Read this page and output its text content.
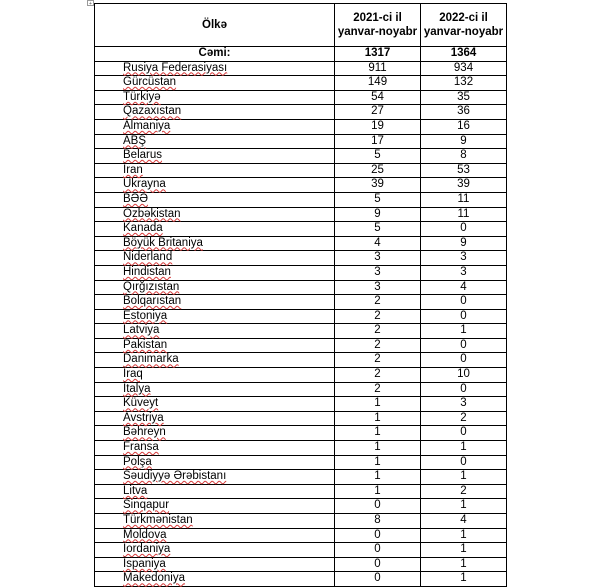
+
Ölkə	2021-ci il yanvar-noyabr	2022-ci il yanvar-noyabr
Cəmi:	1317	1364
Rusiya Federasiyası	911	934
Gürcüstan	149	132
Türkiyə	54	35
Qazaxıstan	27	36
Almaniya	19	16
ABŞ	17	9
Belarus	5	8
İran	25	53
Ukrayna	39	39
BƏƏ	5	11
Özbəkistan	9	11
Kanada	5	0
Böyük Britaniya	4	9
Niderland	3	3
Hindistan	3	3
Qırğızıstan	3	4
Bolqarıstan	2	0
Estoniya	2	0
Latviya	2	1
Pakistan	2	0
Danimarka	2	0
İraq	2	10
İtalya	2	0
Küveyt	1	3
Avstriya	1	2
Bəhreyn	1	0
Fransa	1	1
Polşa	1	0
Səudiyyə Ərəbistanı	1	1
Litva	1	2
Sinqapur	0	1
Türkmənistan	8	4
Moldova	0	1
İordaniya	0	1
İspaniya	0	1
Makedoniya	0	1
